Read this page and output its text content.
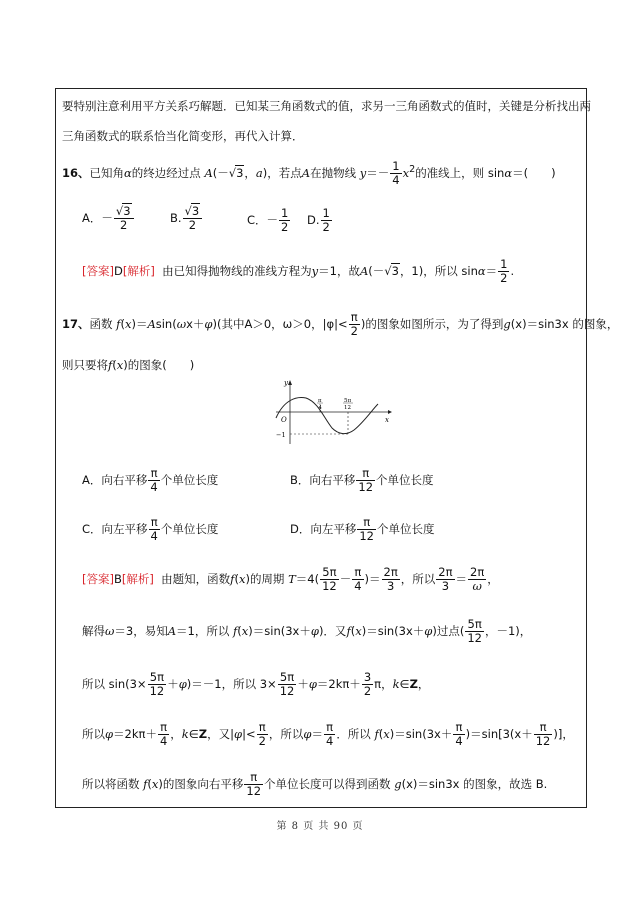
要特别注意利用平方关系巧解题．已知某三角函数式的值，求另一三角函数式的值时，关键是分析找出两
三角函数式的联系恰当化简变形，再代入计算．
16、已知角α的终边经过点 A(－√3，a)，若点A在抛物线 $y=- \frac{1}{4} x^2$的准线上，则 sinα＝(　　)
A．－ $\frac{√3}{2}$	B. $\frac{√3}{2}$	C．－ $\frac{1}{2} D$. $\frac{1}{2}$
[答案]D[解析] 由已知得抛物线的准线方程为y＝1，故A(－√3，1)，所以 $\sin\alpha= \frac{1}{2}$ .
17、函数 f(x)＝Asin(ωx＋φ)(其中A＞0，ω＞0，$|\varphi|< \frac{\pi}{2}$ )的图象如图所示，为了得到g(x)＝sin3x 的图象，
则只要将f(x)的图象(　　)
y
x
O
−1
π
4
5π
12
A．向右平移 $\frac{\pi}{4}$ 个单位长度	B．向右平移 $\frac{\pi}{12}$ 个单位长度
C．向左平移 $\frac{\pi}{4}$ 个单位长度	D．向左平移 $\frac{\pi}{12}$ 个单位长度
[答案]B[解析] 由题知，函数f(x)的周期 $T=4( \frac{5\pi}{12} - \frac{\pi}{4}$ )＝ $\frac{2\pi}{3}$ ，所以 $\frac{2\pi}{3} = \frac{2\pi}{\omega}$ ，
解得ω＝3，易知A＝1，所以 f(x)＝sin(3x＋φ)．又f(x)＝sin(3x＋φ)过点( $\frac{5\pi}{12}$ ，－1)，
所以 $\sin(3\times \frac{5\pi}{12} +\varphi)=-1$，所以 $3\times \frac{5\pi}{12} +\varphi=2k\pi+ \frac{3}{2}$ π，k∈Z，
所以$\varphi=2k\pi+ \frac{\pi}{4}$ ，k∈Z，又$|\varphi|< \frac{\pi}{2}$ ，所以$\varphi= \frac{\pi}{4}$ ．所以 $f(x)=\sin(3x+ \frac{\pi}{4} )=\sin[3(x+ \frac{\pi}{12}$ )]，
所以将函数 f(x)的图象向右平移 $\frac{\pi}{12}$ 个单位长度可以得到函数 g(x)＝sin3x 的图象，故选 B.
第 8 页 共 90 页
